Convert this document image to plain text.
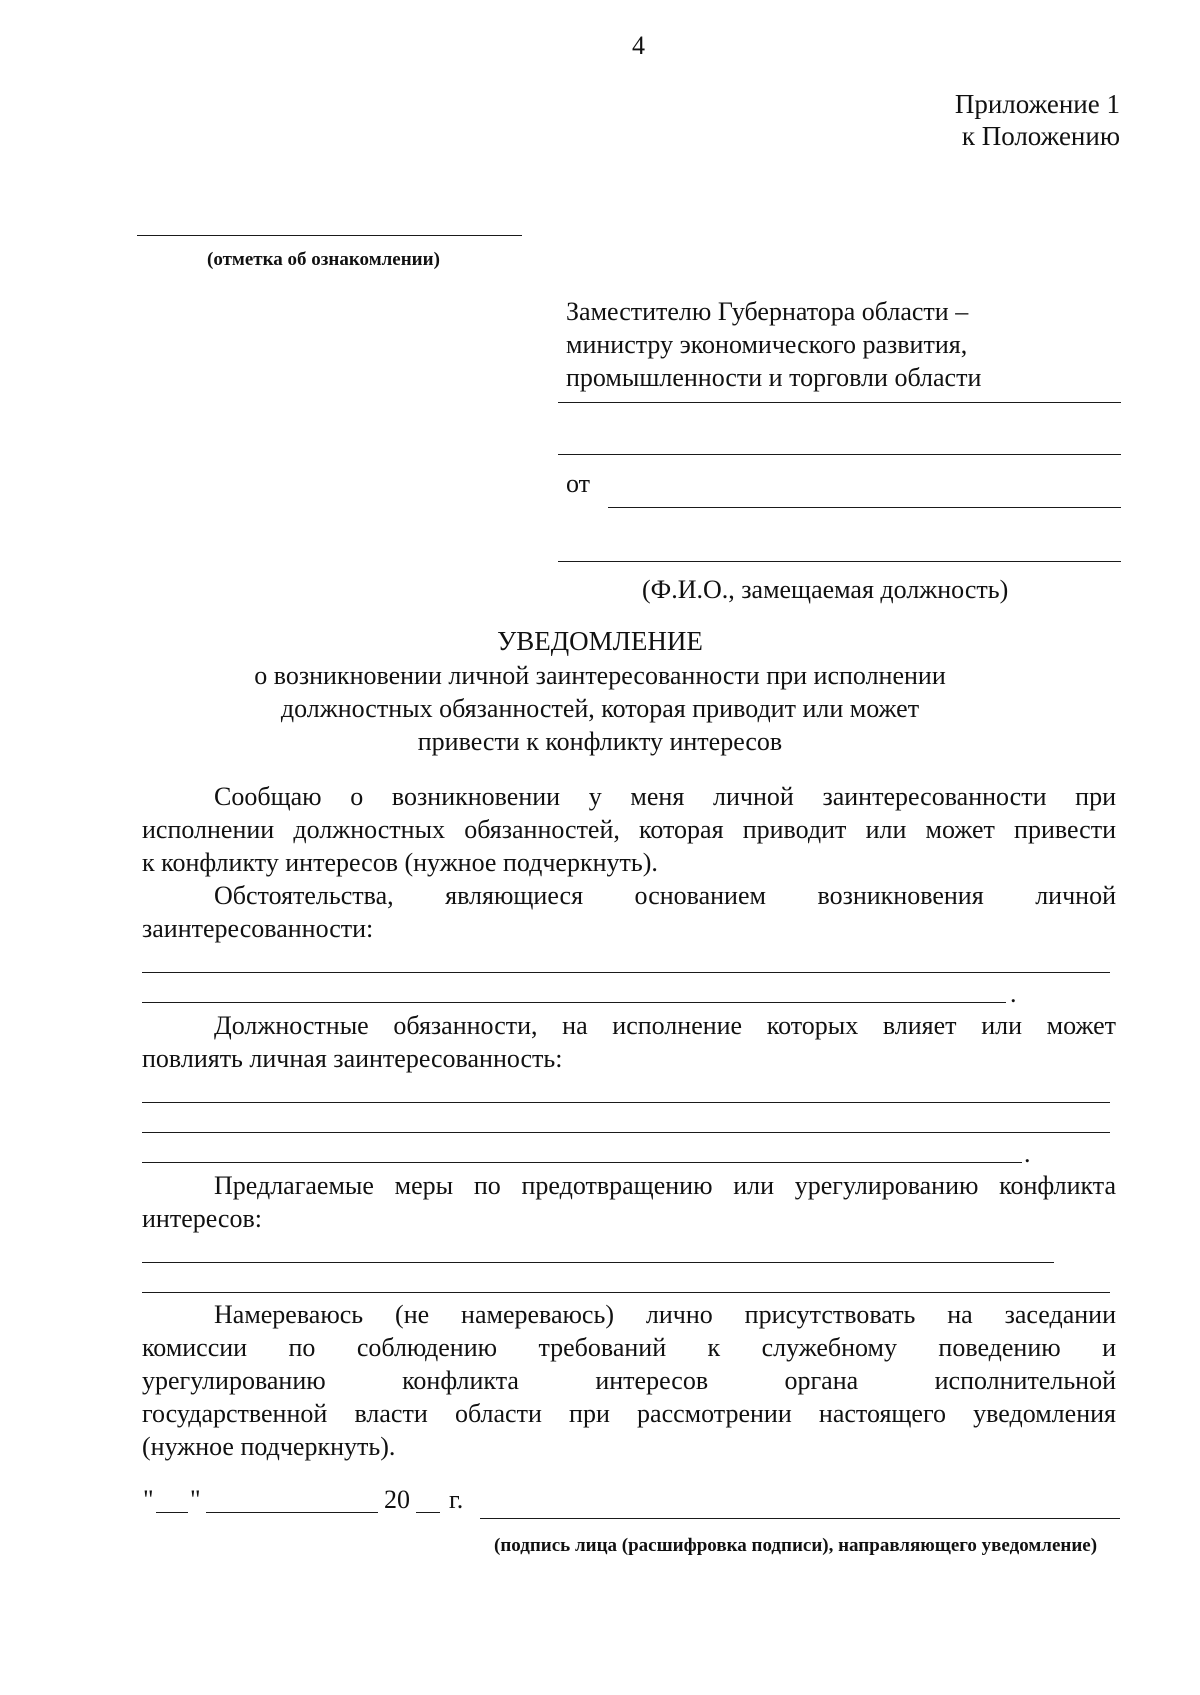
4
Приложение 1
к Положению
(отметка об ознакомлении)
Заместителю Губернатора области –
министру экономического развития,
промышленности и торговли области
от
(Ф.И.О., замещаемая должность)
УВЕДОМЛЕНИЕ
о возникновении личной заинтересованности при исполнении
должностных обязанностей, которая приводит или может
привести к конфликту интересов
Сообщаю о возникновении у меня личной заинтересованности при
исполнении должностных обязанностей, которая приводит или может привести
к конфликту интересов (нужное подчеркнуть).
Обстоятельства, являющиеся основанием возникновения личной
заинтересованности:
.
Должностные обязанности, на исполнение которых влияет или может
повлиять личная заинтересованность:
.
Предлагаемые меры по предотвращению или урегулированию конфликта
интересов:
Намереваюсь (не намереваюсь) лично присутствовать на заседании
комиссии по соблюдению требований к служебному поведению и
урегулированию конфликта интересов органа исполнительной
государственной власти области при рассмотрении настоящего уведомления
(нужное подчеркнуть).
" "	20 г.
(подпись лица (расшифровка подписи), направляющего уведомление)
